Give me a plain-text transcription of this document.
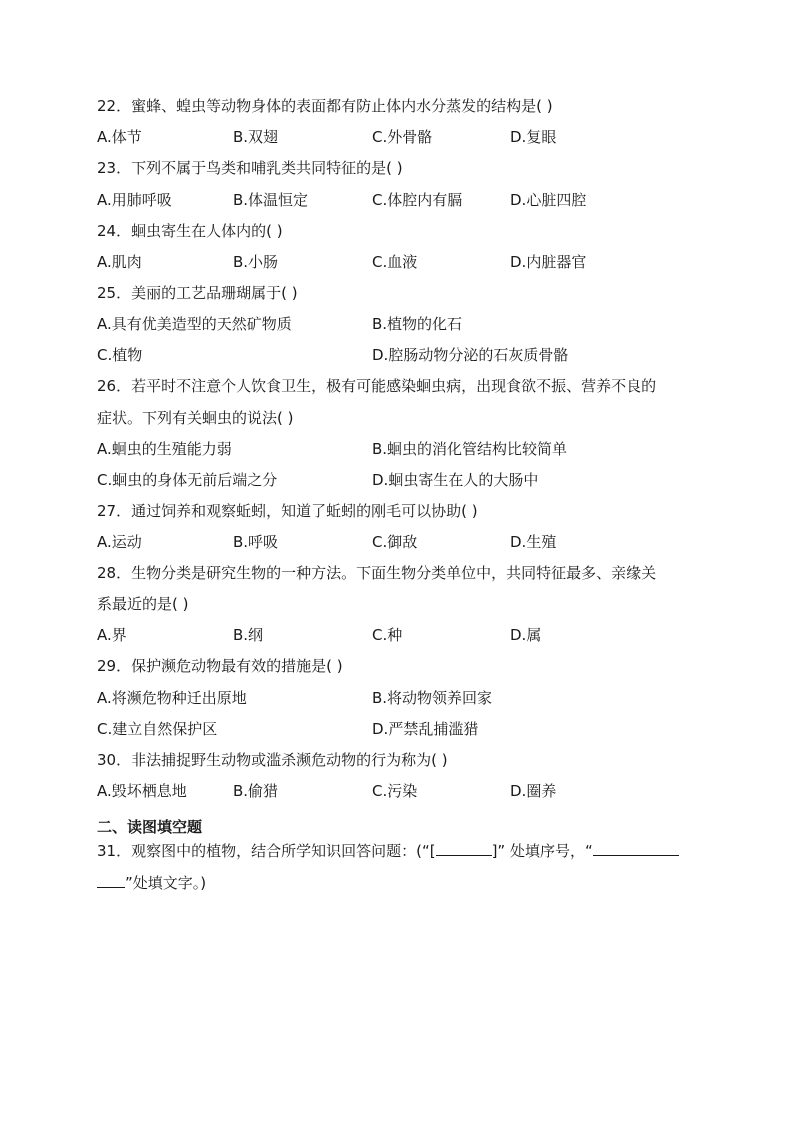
22．蜜蜂、蝗虫等动物身体的表面都有防止体内水分蒸发的结构是( )
A.体节	B.双翅	C.外骨骼	D.复眼
23．下列不属于鸟类和哺乳类共同特征的是( )
A.用肺呼吸	B.体温恒定	C.体腔内有膈	D.心脏四腔
24．蛔虫寄生在人体内的( )
A.肌肉	B.小肠	C.血液	D.内脏器官
25．美丽的工艺品珊瑚属于( )
A.具有优美造型的天然矿物质	B.植物的化石
C.植物	D.腔肠动物分泌的石灰质骨骼
26．若平时不注意个人饮食卫生，极有可能感染蛔虫病，出现食欲不振、营养不良的
症状。下列有关蛔虫的说法( )
A.蛔虫的生殖能力弱	B.蛔虫的消化管结构比较简单
C.蛔虫的身体无前后端之分	D.蛔虫寄生在人的大肠中
27．通过饲养和观察蚯蚓，知道了蚯蚓的刚毛可以协助( )
A.运动	B.呼吸	C.御敌	D.生殖
28．生物分类是研究生物的一种方法。下面生物分类单位中，共同特征最多、亲缘关
系最近的是( )
A.界	B.纲	C.种	D.属
29．保护濒危动物最有效的措施是( )
A.将濒危物种迁出原地	B.将动物领养回家
C.建立自然保护区	D.严禁乱捕滥猎
30．非法捕捉野生动物或滥杀濒危动物的行为称为( )
A.毁坏栖息地	B.偷猎	C.污染	D.圈养
二、读图填空题
31．观察图中的植物，结合所学知识回答问题：(“[	]” 处填序号，“
”处填文字。)
